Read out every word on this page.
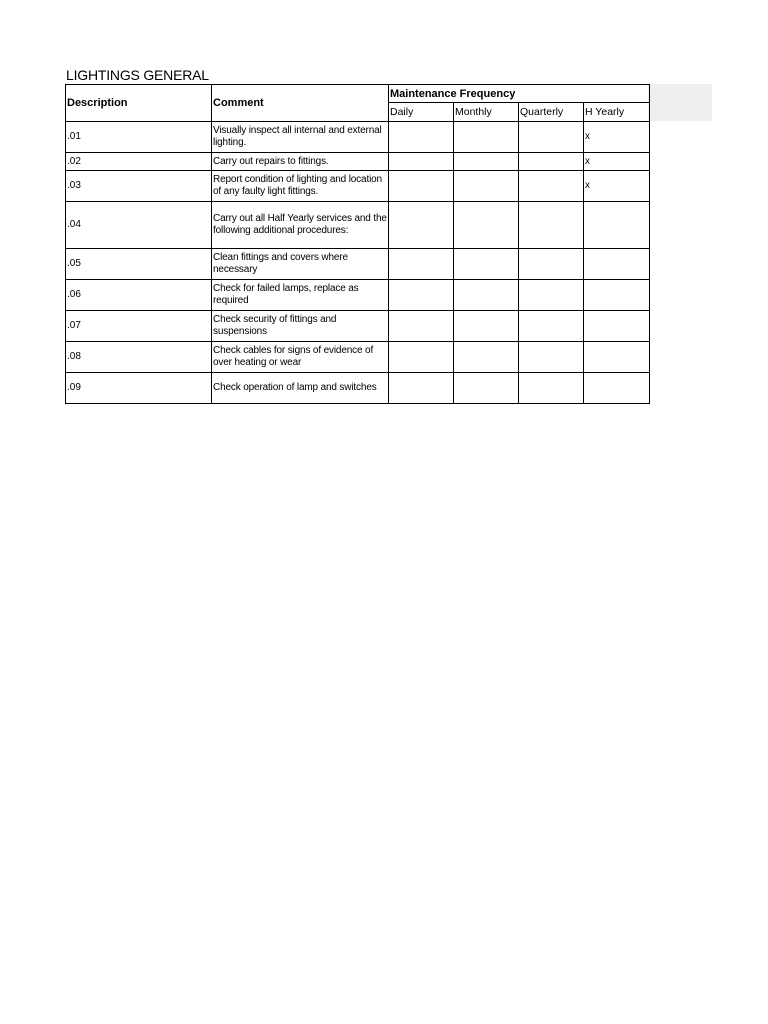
LIGHTINGS GENERAL
Description	Comment	Maintenance Frequency			
		Daily	Monthly	Quarterly	H Yearly
.01	Visually inspect all internal and external lighting.				x
.02	Carry out repairs to fittings.				x
.03	Report condition of lighting and location of any faulty light fittings.				x
.04	Carry out all Half Yearly services and the following additional procedures:				
.05	Clean fittings and covers where necessary				
.06	Check for failed lamps, replace as required				
.07	Check security of fittings and suspensions				
.08	Check cables for signs of evidence of over heating or wear				
.09	Check operation of lamp and switches				
